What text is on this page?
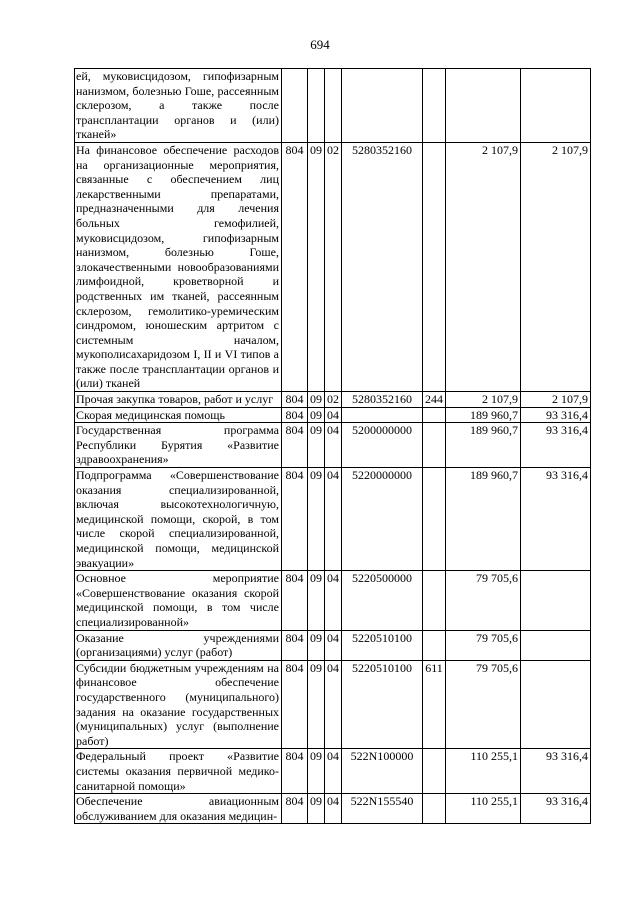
694
ей, муковисцидозом, гипофизарным нанизмом, болезнью Гоше, рассеянным склерозом, а также после трансплантации органов и (или) тканей»							
На финансовое обеспечение расходов на организационные мероприятия, связанные с обеспечением лиц лекарственными препаратами, предназначенными для лечения больных гемофилией, муковисцидозом, гипофизарным нанизмом, болезнью Гоше, злокачественными новообразованиями лимфоидной, кроветворной и родственных им тканей, рассеянным склерозом, гемолитико-уремическим синдромом, юношеским артритом с системным началом, мукополисахаридозом I, II и VI типов а также после трансплантации органов и (или) тканей	804	09	02	5280352160		2 107,9	2 107,9
Прочая закупка товаров, работ и услуг	804	09	02	5280352160	244	2 107,9	2 107,9
Скорая медицинская помощь	804	09	04			189 960,7	93 316,4
Государственная программа Республики Бурятия «Развитие здравоохранения»	804	09	04	5200000000		189 960,7	93 316,4
Подпрограмма «Совершенствование оказания специализированной, включая высокотехнологичную, медицинской помощи, скорой, в том числе скорой специализированной, медицинской помощи, медицинской эвакуации»	804	09	04	5220000000		189 960,7	93 316,4
Основное мероприятие «Совершенствование оказания скорой медицинской помощи, в том числе специализированной»	804	09	04	5220500000		79 705,6	
Оказание учреждениями (организациями) услуг (работ)	804	09	04	5220510100		79 705,6	
Субсидии бюджетным учреждениям на финансовое обеспечение государственного (муниципального) задания на оказание государственных (муниципальных) услуг (выполнение работ)	804	09	04	5220510100	611	79 705,6	
Федеральный проект «Развитие системы оказания первичной медико-санитарной помощи»	804	09	04	522N100000		110 255,1	93 316,4
Обеспечение авиационным обслуживанием для оказания медицин-	804	09	04	522N155540		110 255,1	93 316,4
